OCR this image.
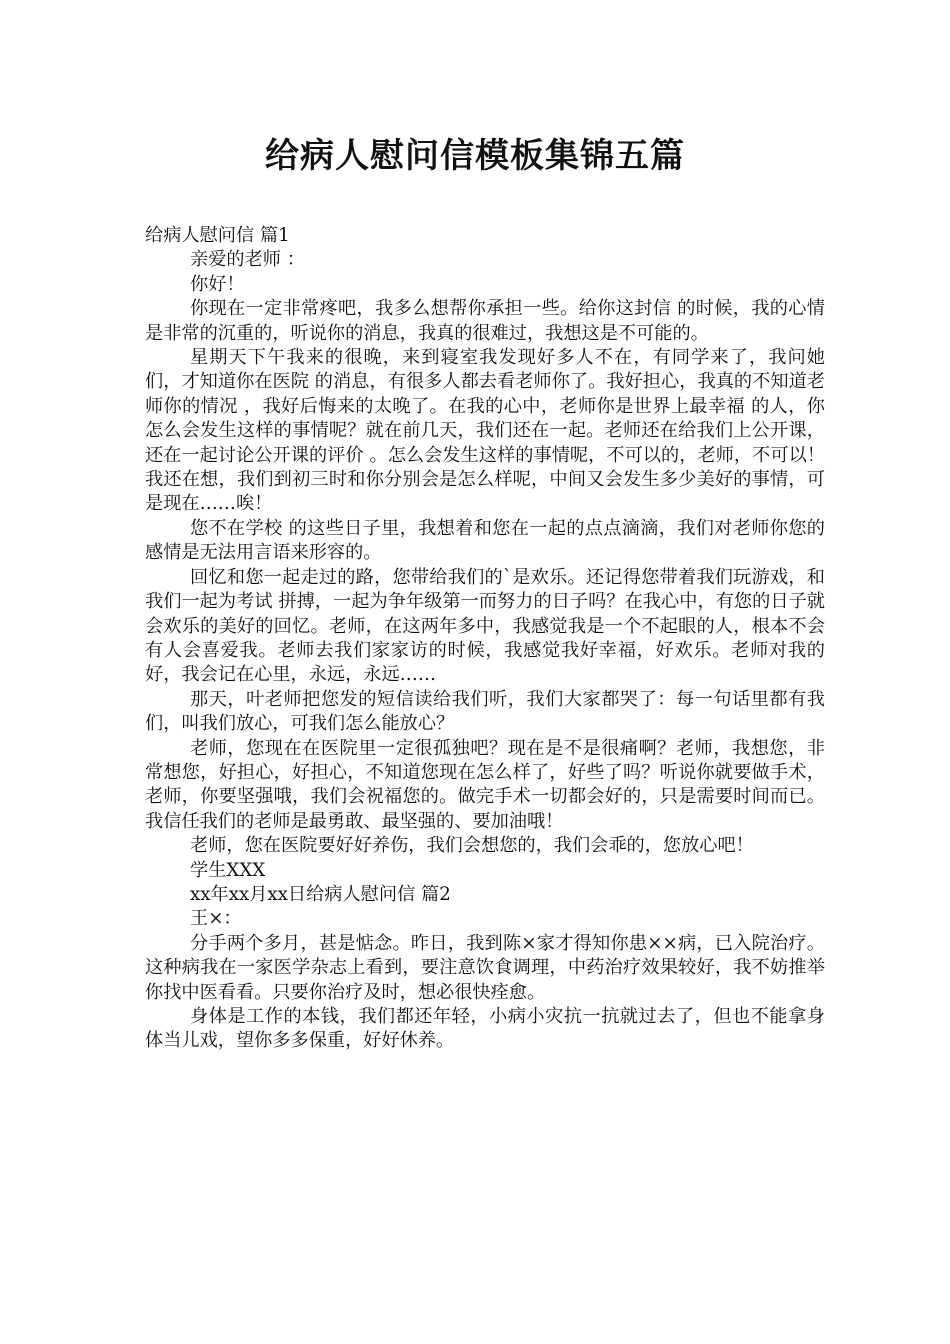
给病人慰问信模板集锦五篇

给病人慰问信 篇1

亲爱的老师 ：

你好！

你现在一定非常疼吧，我多么想帮你承担一些。给你这封信 的时候，我的心情是非常的沉重的，听说你的消息，我真的很难过，我想这是不可能的。

星期天下午我来的很晚，来到寝室我发现好多人不在，有同学来了，我问她们，才知道你在医院 的消息，有很多人都去看老师你了。我好担心，我真的不知道老师你的情况 ，我好后悔来的太晚了。在我的心中，老师你是世界上最幸福 的人，你怎么会发生这样的事情呢？就在前几天，我们还在一起。老师还在给我们上公开课，还在一起讨论公开课的评价 。怎么会发生这样的事情呢，不可以的，老师，不可以！我还在想，我们到初三时和你分别会是怎么样呢，中间又会发生多少美好的事情，可是现在……唉！

您不在学校 的这些日子里，我想着和您在一起的点点滴滴，我们对老师你您的感情是无法用言语来形容的。

回忆和您一起走过的路，您带给我们的`是欢乐。还记得您带着我们玩游戏，和我们一起为考试 拼搏，一起为争年级第一而努力的日子吗？在我心中，有您的日子就会欢乐的美好的回忆。老师，在这两年多中，我感觉我是一个不起眼的人，根本不会有人会喜爱我。老师去我们家家访的时候，我感觉我好幸福，好欢乐。老师对我的好，我会记在心里，永远，永远……

那天，叶老师把您发的短信读给我们听，我们大家都哭了：每一句话里都有我们，叫我们放心，可我们怎么能放心？

老师，您现在在医院里一定很孤独吧？现在是不是很痛啊？老师，我想您，非常想您，好担心，好担心，不知道您现在怎么样了，好些了吗？听说你就要做手术，老师，你要坚强哦，我们会祝福您的。做完手术一切都会好的，只是需要时间而已。我信任我们的老师是最勇敢、最坚强的、要加油哦！

老师，您在医院要好好养伤，我们会想您的，我们会乖的，您放心吧！

学生XXX

xx年xx月xx日给病人慰问信 篇2

王×：

分手两个多月，甚是惦念。昨日，我到陈×家才得知你患××病，已入院治疗。这种病我在一家医学杂志上看到，要注意饮食调理，中药治疗效果较好，我不妨推举你找中医看看。只要你治疗及时，想必很快痊愈。

身体是工作的本钱，我们都还年轻，小病小灾抗一抗就过去了，但也不能拿身体当儿戏，望你多多保重，好好休养。
